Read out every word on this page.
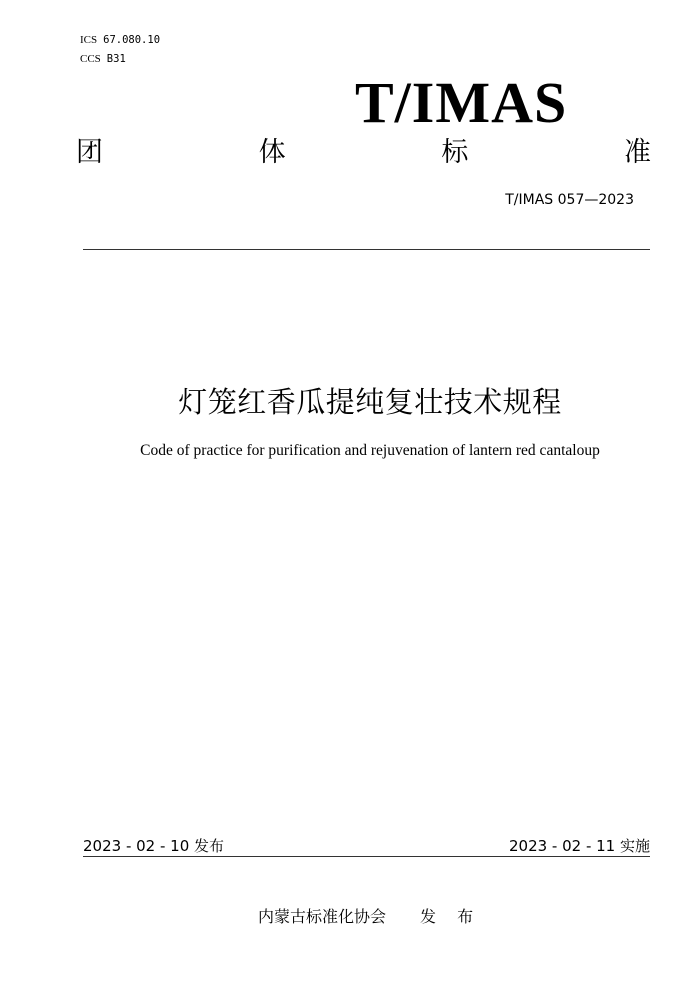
ICS 67.080.10
CCS B31
T/IMAS
团	体	标	准
T/IMAS 057—2023
灯笼红香瓜提纯复壮技术规程
Code of practice for purification and rejuvenation of lantern red cantaloup
2023 - 02 - 10 发布	2023 - 02 - 11 实施
内蒙古标准化协会 发 布
